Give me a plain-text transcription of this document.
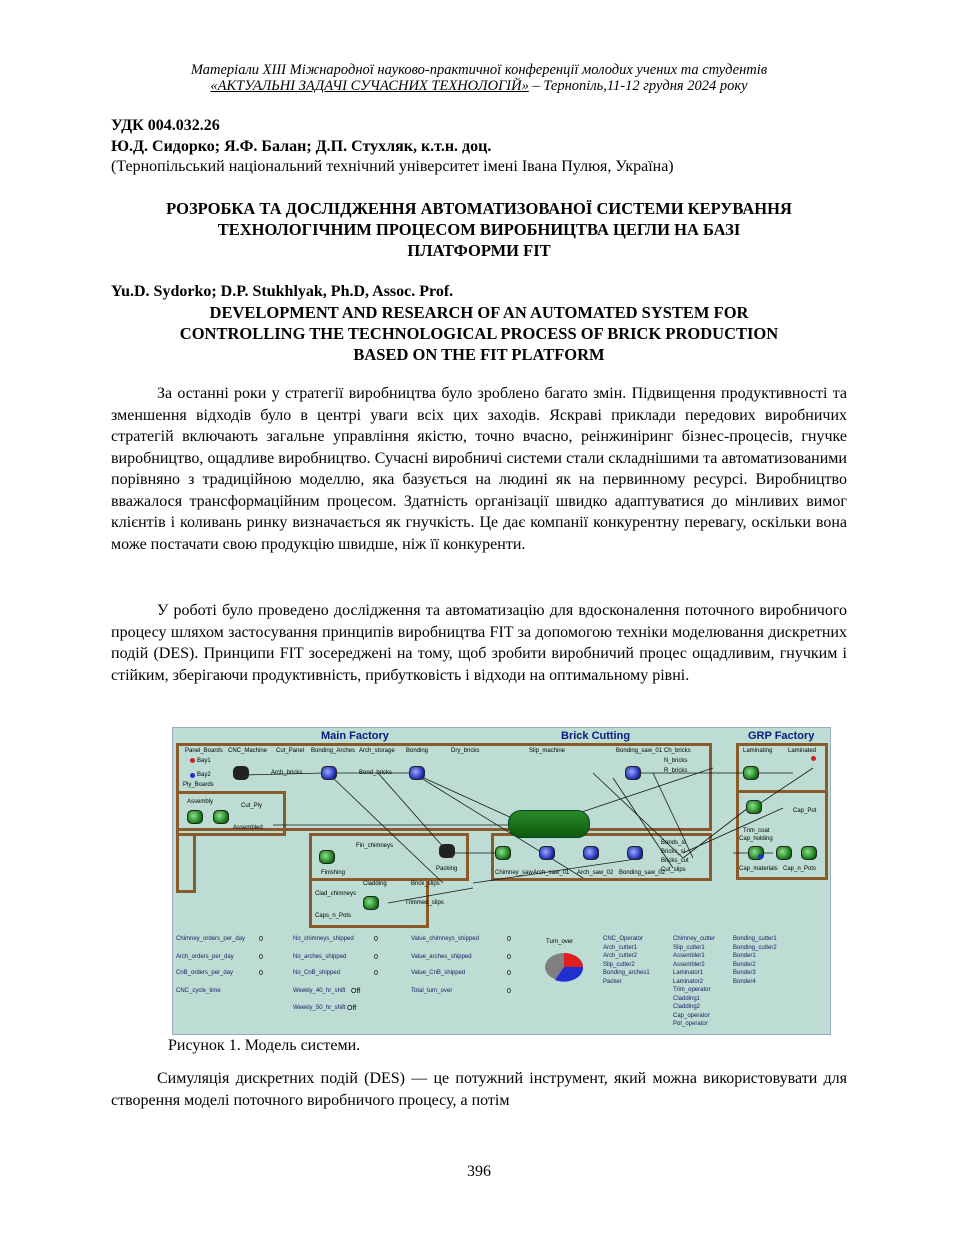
Матеріали XIII Міжнародної науково-практичної конференції молодих учених та студентів
«АКТУАЛЬНІ ЗАДАЧІ СУЧАСНИХ ТЕХНОЛОГІЙ» – Тернопіль,11-12 грудня 2024 року
УДК 004.032.26
Ю.Д. Сидорко; Я.Ф. Балан; Д.П. Стухляк, к.т.н. доц.
(Тернопільський національний технічний університет імені Івана Пулюя, Україна)
РОЗРОБКА ТА ДОСЛІДЖЕННЯ АВТОМАТИЗОВАНОЇ СИСТЕМИ КЕРУВАННЯ
ТЕХНОЛОГІЧНИМ ПРОЦЕСОМ ВИРОБНИЦТВА ЦЕГЛИ НА БАЗІ
ПЛАТФОРМИ FIT
Yu.D. Sydorko; D.P. Stukhlyak, Ph.D, Assoc. Prof.
DEVELOPMENT AND RESEARCH OF AN AUTOMATED SYSTEM FOR
CONTROLLING THE TECHNOLOGICAL PROCESS OF BRICK PRODUCTION
BASED ON THE FIT PLATFORM
За останні роки у стратегії виробництва було зроблено багато змін. Підвищення продуктивності та зменшення відходів було в центрі уваги всіх цих заходів. Яскраві приклади передових виробничих стратегій включають загальне управління якістю, точно вчасно, реінжиніринг бізнес-процесів, гнучке виробництво, ощадливе виробництво. Сучасні виробничі системи стали складнішими та автоматизованими порівняно з традиційною моделлю, яка базується на людині як на первинному ресурсі. Виробництво вважалося трансформаційним процесом. Здатність організації швидко адаптуватися до мінливих вимог клієнтів і коливань ринку визначається як гнучкість. Це дає компанії конкурентну перевагу, оскільки вона може постачати свою продукцію швидше, ніж її конкуренти.
У роботі було проведено дослідження та автоматизацію для вдосконалення поточного виробничого процесу шляхом застосування принципів виробництва FIT за допомогою техніки моделювання дискретних подій (DES). Принципи FIT зосереджені на тому, щоб зробити виробничий процес ощадливим, гнучким і стійким, зберігаючи продуктивність, прибутковість і відходи на оптимальному рівні.
Main Factory	Brick Cutting	GRP Factory
Panel_Boards CNC_Machine Cut_Panel Bonding_Arches Arch_storage Bonding	Dry_bricks	Slip_machine	Bonding_saw_01 Ch_bricks
N_bricks
R_bricks
Laminating	Laminated
Bay1
Bay2
Ply_Boards
Arch_bricks	Bond_bricks
Assembly
Cut_Ply
Assembled	Trim_coat
Cap_Pot
Cap_holding
Cap_materials Cap_n_Pots
Fin_chimneys
Finishing
Packing
Chimney_saw Arch_saw_01 Arch_saw_02 Bonding_saw_02
Bonds_sl
Bricks_sl
Bricks_cut
Cut_slips
Clad_chimneys
Cladding	Brick_slips
Trimmed_slips
Caps_n_Pots
Chimney_orders_per_day
Arch_orders_per_day
CnB_orders_per_day
CNC_cycle_time
0
0
0
No_chimneys_shipped
No_arches_shipped
No_CnB_shipped
Weekly_40_hr_shift
Weekly_50_hr_shift
0
0
0
Off
Off
Value_chimneys_shipped
Value_arches_shipped
Value_CnB_shipped
Total_turn_over
0
0
0
0
Turn_over	CNC_Operator
Arch_cutter1
Arch_cutter2
Slip_cutter2
Bonding_arches1
Packer
Chimney_cutter
Slip_cutter1
Assembler1
Assembler2
Laminator1
Laminator2
Trim_operator
Cladding1
Cladding2
Cap_operator
Pot_operator
Bonding_cutter1
Bonding_cutter2
Bonder1
Bonder2
Bonder3
Bonder4
Рисунок 1. Модель системи.
Симуляція дискретних подій (DES) — це потужний інструмент, який можна використовувати для створення моделі поточного виробничого процесу, а потім
396
